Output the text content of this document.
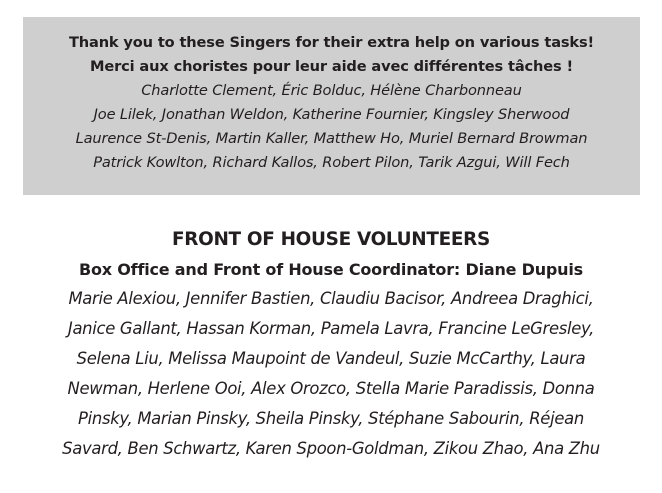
Thank you to these Singers for their extra help on various tasks!
Merci aux choristes pour leur aide avec différentes tâches !
Charlotte Clement, Éric Bolduc, Hélène Charbonneau
Joe Lilek, Jonathan Weldon, Katherine Fournier, Kingsley Sherwood
Laurence St-Denis, Martin Kaller, Matthew Ho, Muriel Bernard Browman
Patrick Kowlton, Richard Kallos, Robert Pilon, Tarik Azgui, Will Fech
FRONT OF HOUSE VOLUNTEERS
Box Office and Front of House Coordinator: Diane Dupuis
Marie Alexiou, Jennifer Bastien, Claudiu Bacisor, Andreea Draghici,
Janice Gallant, Hassan Korman, Pamela Lavra, Francine LeGresley,
Selena Liu, Melissa Maupoint de Vandeul, Suzie McCarthy, Laura
Newman, Herlene Ooi, Alex Orozco, Stella Marie Paradissis, Donna
Pinsky, Marian Pinsky, Sheila Pinsky, Stéphane Sabourin, Réjean
Savard, Ben Schwartz, Karen Spoon-Goldman, Zikou Zhao, Ana Zhu
